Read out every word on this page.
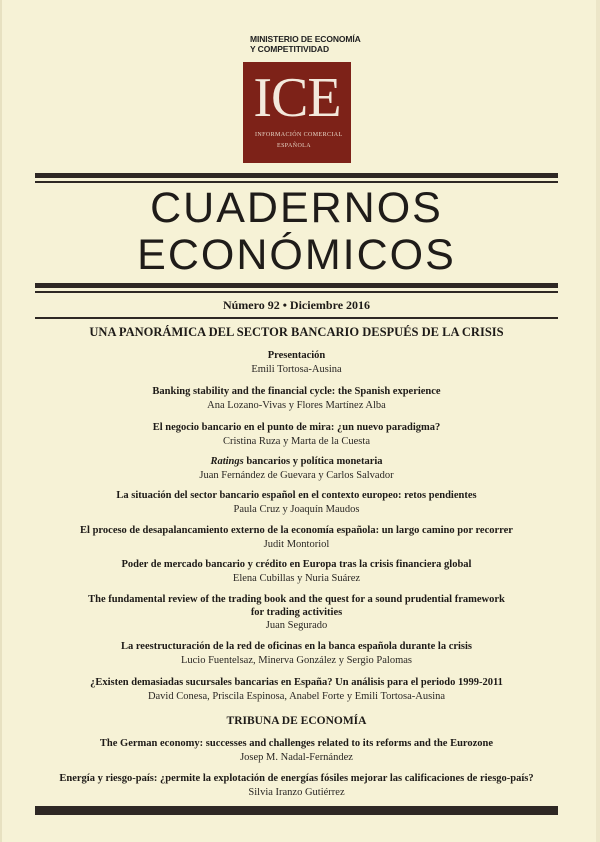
MINISTERIO DE ECONOMÍA
Y COMPETITIVIDAD
ICE
INFORMACIÓN COMERCIAL
ESPAÑOLA
CUADERNOS
ECONÓMICOS
Número 92 • Diciembre 2016
UNA PANORÁMICA DEL SECTOR BANCARIO DESPUÉS DE LA CRISIS
Presentación
Emili Tortosa-Ausina
Banking stability and the financial cycle: the Spanish experience
Ana Lozano-Vivas y Flores Martínez Alba
El negocio bancario en el punto de mira: ¿un nuevo paradigma?
Cristina Ruza y Marta de la Cuesta
Ratings bancarios y política monetaria
Juan Fernández de Guevara y Carlos Salvador
La situación del sector bancario español en el contexto europeo: retos pendientes
Paula Cruz y Joaquín Maudos
El proceso de desapalancamiento externo de la economía española: un largo camino por recorrer
Judit Montoriol
Poder de mercado bancario y crédito en Europa tras la crisis financiera global
Elena Cubillas y Nuria Suárez
The fundamental review of the trading book and the quest for a sound prudential framework
for trading activities
Juan Segurado
La reestructuración de la red de oficinas en la banca española durante la crisis
Lucio Fuentelsaz, Minerva González y Sergio Palomas
¿Existen demasiadas sucursales bancarias en España? Un análisis para el periodo 1999-2011
David Conesa, Priscila Espinosa, Anabel Forte y Emili Tortosa-Ausina
TRIBUNA DE ECONOMÍA
The German economy: successes and challenges related to its reforms and the Eurozone
Josep M. Nadal-Fernández
Energía y riesgo-país: ¿permite la explotación de energías fósiles mejorar las calificaciones de riesgo-país?
Silvia Iranzo Gutiérrez
